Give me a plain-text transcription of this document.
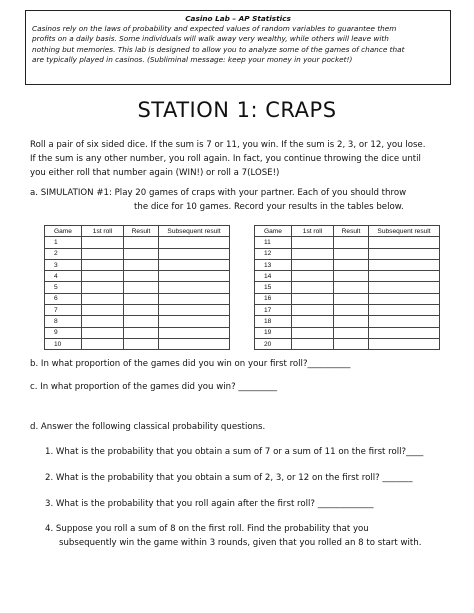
Casino Lab – AP Statistics
Casinos rely on the laws of probability and expected values of random variables to guarantee them
profits on a daily basis. Some individuals will walk away very wealthy, while others will leave with
nothing but memories. This lab is designed to allow you to analyze some of the games of chance that
are typically played in casinos. (Subliminal message: keep your money in your pocket!)
STATION 1: CRAPS
Roll a pair of six sided dice. If the sum is 7 or 11, you win. If the sum is 2, 3, or 12, you lose.
If the sum is any other number, you roll again. In fact, you continue throwing the dice until
you either roll that number again (WIN!) or roll a 7(LOSE!)
a. SIMULATION #1: Play 20 games of craps with your partner. Each of you should throw
the dice for 10 games. Record your results in the tables below.
Game	1st roll	Result	Subsequent result
1			
2			
3			
4			
5			
6			
7			
8			
9			
10			
Game	1st roll	Result	Subsequent result
11			
12			
13			
14			
15			
16			
17			
18			
19			
20			
b. In what proportion of the games did you win on your first roll?__________
c. In what proportion of the games did you win? _________
d. Answer the following classical probability questions.
1. What is the probability that you obtain a sum of 7 or a sum of 11 on the first roll?____
2. What is the probability that you obtain a sum of 2, 3, or 12 on the first roll? _______
3. What is the probability that you roll again after the first roll? _____________
4. Suppose you roll a sum of 8 on the first roll. Find the probability that you
subsequently win the game within 3 rounds, given that you rolled an 8 to start with.
